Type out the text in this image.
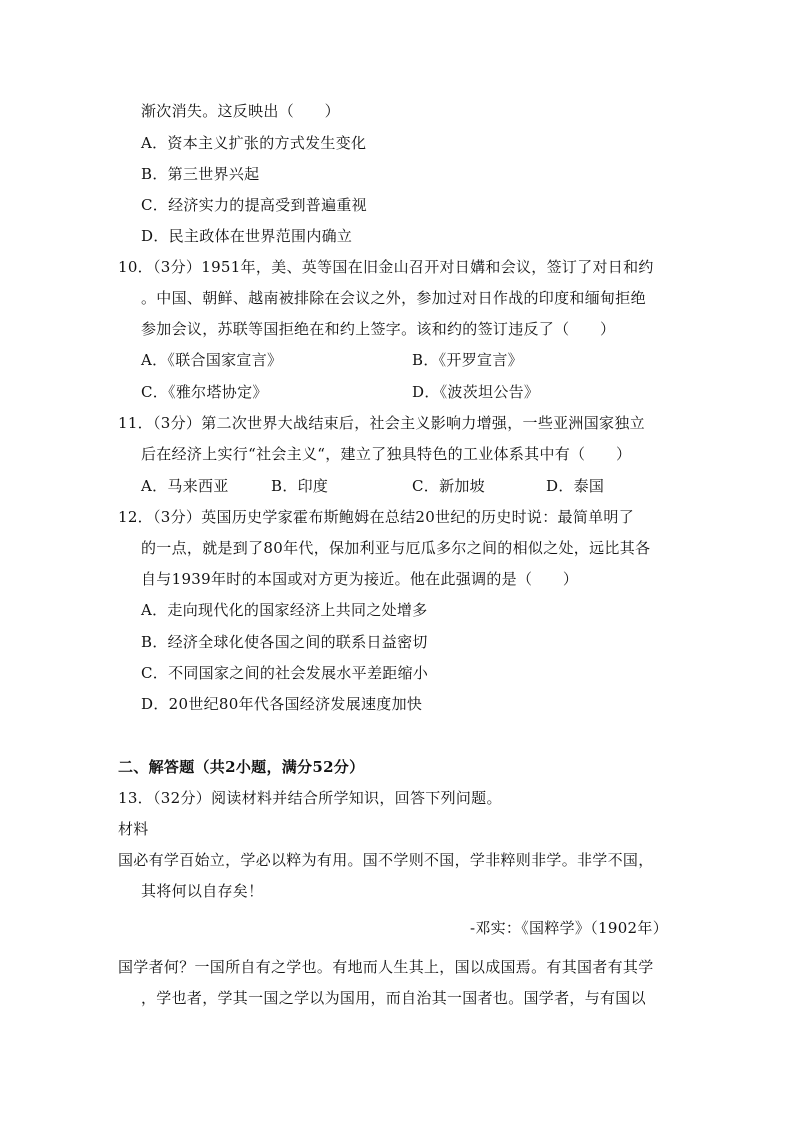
渐次消失。这反映出（　　）
A．资本主义扩张的方式发生变化
B．第三世界兴起
C．经济实力的提高受到普遍重视
D．民主政体在世界范围内确立
10．（3分）1951年，美、英等国在旧金山召开对日媾和会议，签订了对日和约
。中国、朝鲜、越南被排除在会议之外，参加过对日作战的印度和缅甸拒绝
参加会议，苏联等国拒绝在和约上签字。该和约的签订违反了（　　）
A．《联合国家宣言》	B．《开罗宣言》
C．《雅尔塔协定》	D．《波茨坦公告》
11．（3分）第二次世界大战结束后，社会主义影响力增强，一些亚洲国家独立
后在经济上实行“社会主义“，建立了独具特色的工业体系其中有（　　）
A．马来西亚	B．印度	C．新加坡	D．泰国
12．（3分）英国历史学家霍布斯鲍姆在总结20世纪的历史时说：最简单明了
的一点，就是到了80年代，保加利亚与厄瓜多尔之间的相似之处，远比其各
自与1939年时的本国或对方更为接近。他在此强调的是（　　）
A．走向现代化的国家经济上共同之处增多
B．经济全球化使各国之间的联系日益密切
C．不同国家之间的社会发展水平差距缩小
D．20世纪80年代各国经济发展速度加快
二、解答题（共2小题，满分52分）
13．（32分）阅读材料并结合所学知识，回答下列问题。
材料
国必有学百始立，学必以粹为有用。国不学则不国，学非粹则非学。非学不国，
其将何以自存矣！
-邓实：《国粹学》（1902年）
国学者何？一国所自有之学也。有地而人生其上，国以成国焉。有其国者有其学
，学也者，学其一国之学以为国用，而自治其一国者也。国学者，与有国以
